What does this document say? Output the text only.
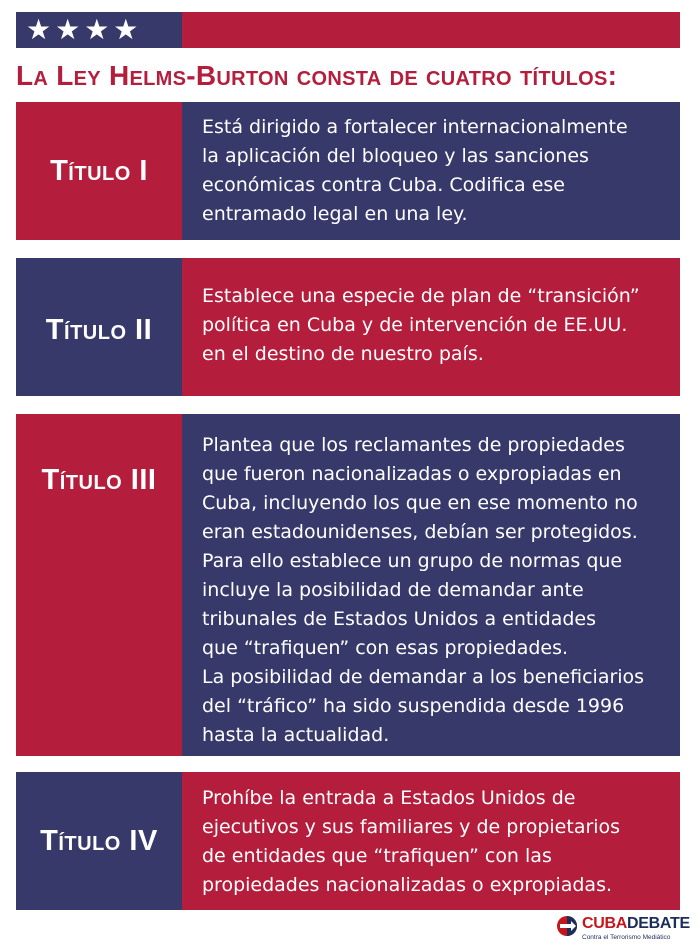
★★★★
La Ley Helms-Burton consta de cuatro títulos:
Título I
Está dirigido a fortalecer internacionalmente
la aplicación del bloqueo y las sanciones
económicas contra Cuba. Codifica ese
entramado legal en una ley.
Título II
Establece una especie de plan de “transición”
política en Cuba y de intervención de EE.UU.
en el destino de nuestro país.
Título III
Plantea que los reclamantes de propiedades
que fueron nacionalizadas o expropiadas en
Cuba, incluyendo los que en ese momento no
eran estadounidenses, debían ser protegidos.
Para ello establece un grupo de normas que
incluye la posibilidad de demandar ante
tribunales de Estados Unidos a entidades
que “trafiquen” con esas propiedades.
La posibilidad de demandar a los beneficiarios
del “tráfico” ha sido suspendida desde 1996
hasta la actualidad.
Título IV
Prohíbe la entrada a Estados Unidos de
ejecutivos y sus familiares y de propietarios
de entidades que “trafiquen” con las
propiedades nacionalizadas o expropiadas.
CUBADEBATE
Contra el Terrorismo Mediático
